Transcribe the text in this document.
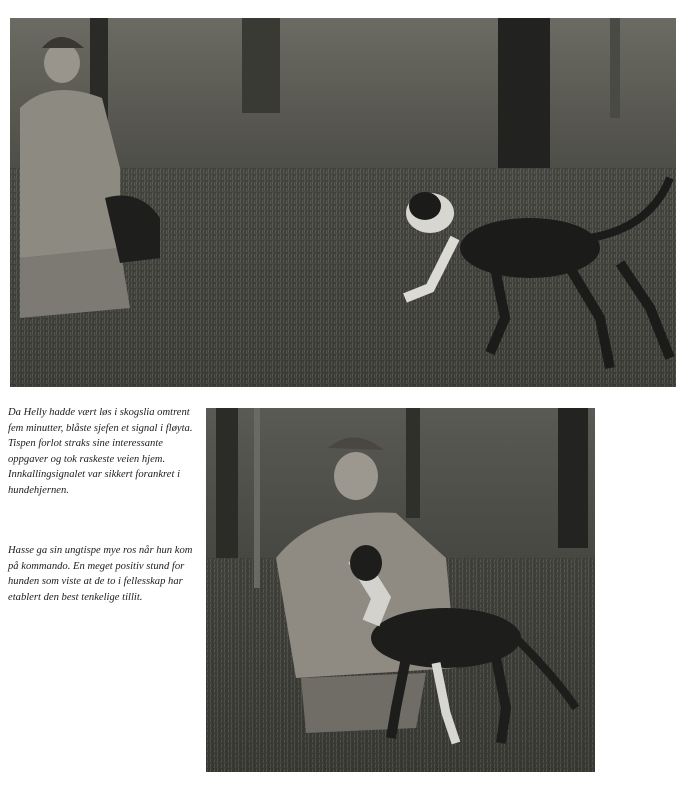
Da Helly hadde vært løs i skogslia omtrent fem minutter, blåste sjefen et signal i fløyta. Tispen forlot straks sine interessante oppgaver og tok raskeste veien hjem. Innkallingsignalet var sikkert forankret i hundehjernen.

Hasse ga sin ungtispe mye ros når hun kom på kommando. En meget positiv stund for hunden som viste at de to i fellesskap har etablert den best tenkelige tillit.
